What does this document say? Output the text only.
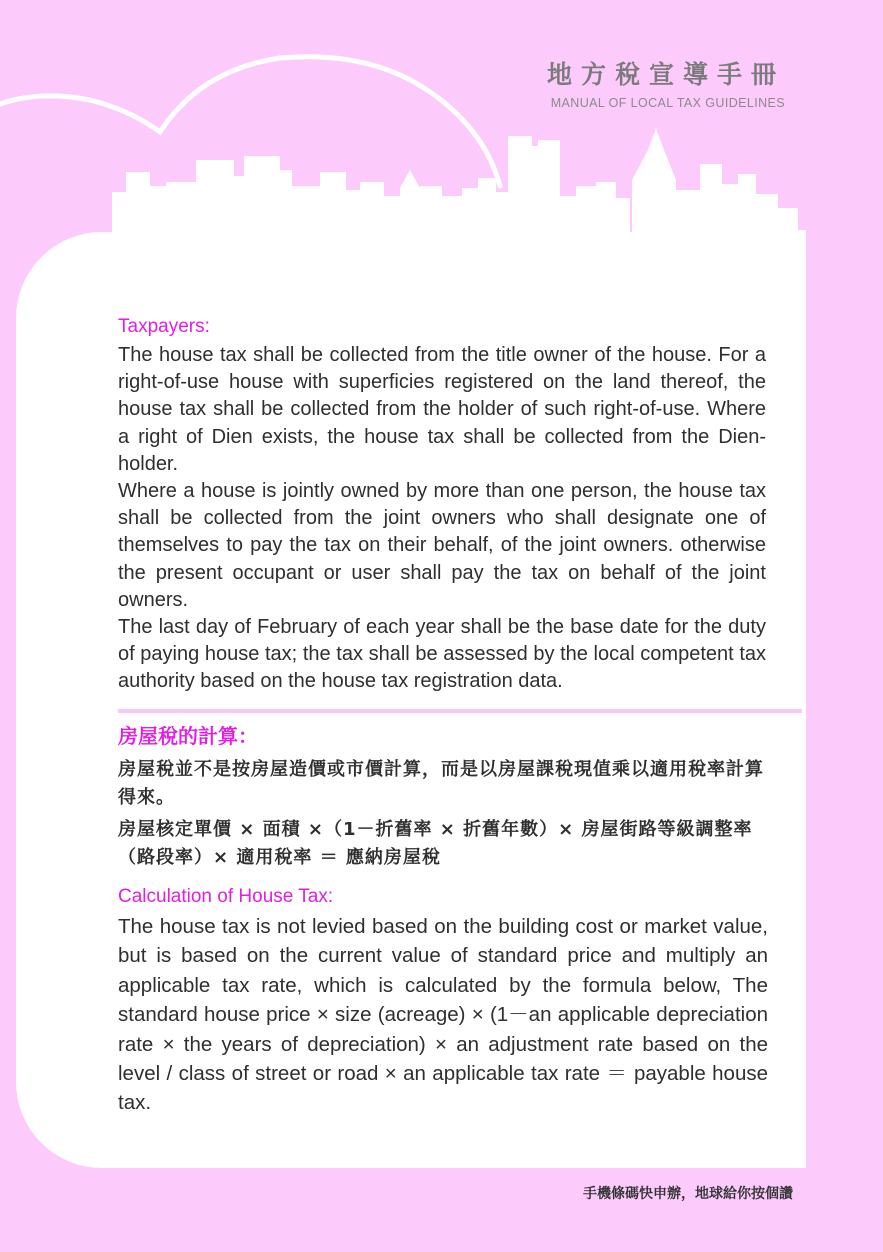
地方稅宣導手冊

MANUAL OF LOCAL TAX GUIDELINES

Taxpayers:

The house tax shall be collected from the title owner of the house. For a right-of-use house with superficies registered on the land thereof, the house tax shall be collected from the holder of such right-of-use. Where a right of Dien exists, the house tax shall be collected from the Dien-holder.

Where a house is jointly owned by more than one person, the house tax shall be collected from the joint owners who shall designate one of themselves to pay the tax on their behalf, of the joint owners. otherwise the present occupant or user shall pay the tax on behalf of the joint owners.

The last day of February of each year shall be the base date for the duty of paying house tax; the tax shall be assessed by the local competent tax authority based on the house tax registration data.

房屋稅的計算：

房屋稅並不是按房屋造價或市價計算，而是以房屋課稅現值乘以適用稅率計算得來。

房屋核定單價 × 面積 ×（1－折舊率 × 折舊年數）× 房屋街路等級調整率（路段率）× 適用稅率 ＝ 應納房屋稅

Calculation of House Tax:

The house tax is not levied based on the building cost or market value, but is based on the current value of standard price and multiply an applicable tax rate, which is calculated by the formula below, The standard house price × size (acreage) × (1－an applicable depreciation rate × the years of depreciation) × an adjustment rate based on the level / class of street or road × an applicable tax rate ＝ payable house tax.

手機條碼快申辦，地球給你按個讚
